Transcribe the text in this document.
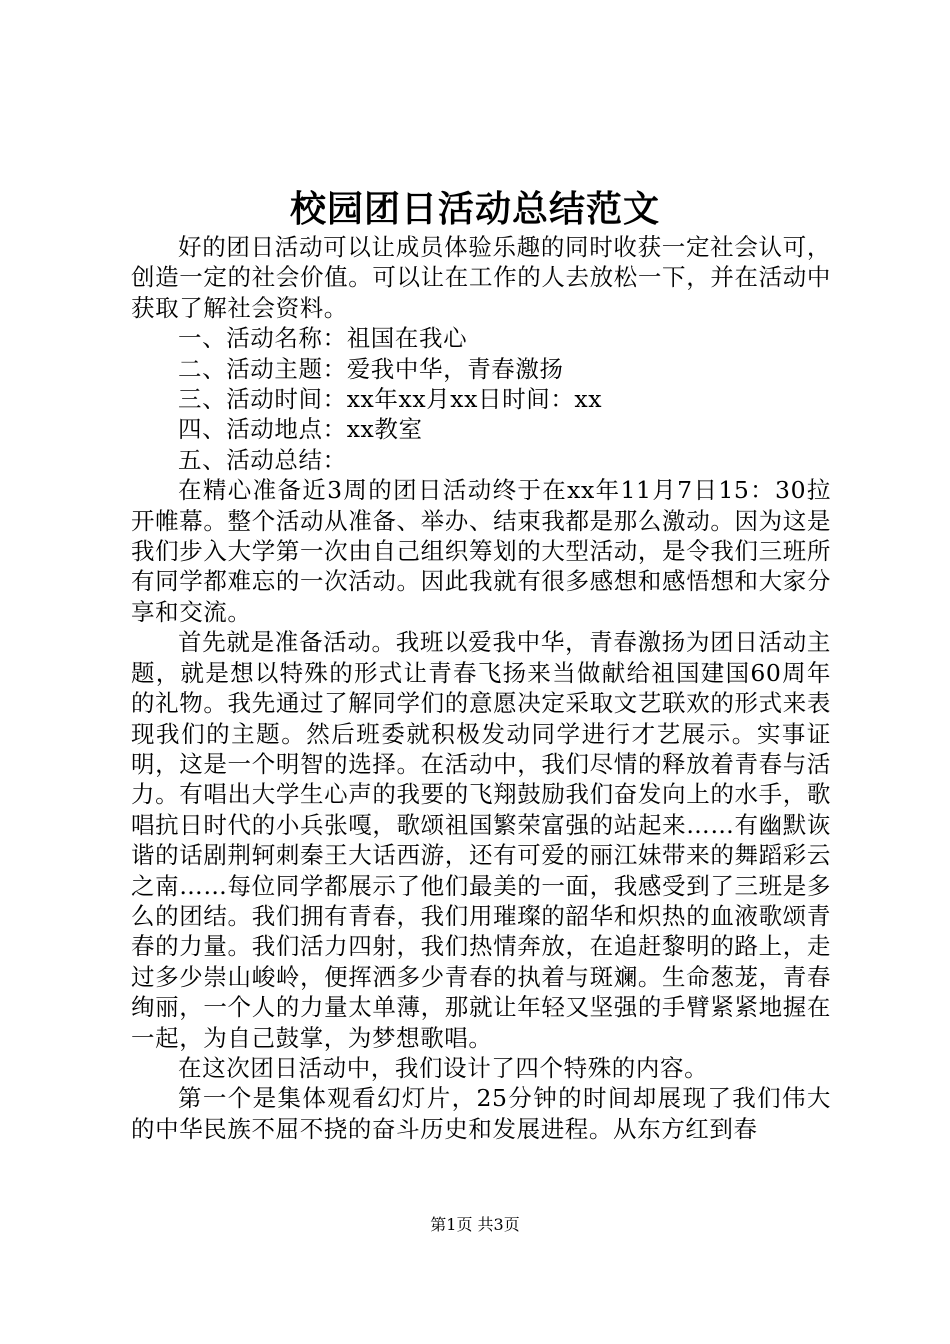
校园团日活动总结范文

好的团日活动可以让成员体验乐趣的同时收获一定社会认可，创造一定的社会价值。可以让在工作的人去放松一下，并在活动中获取了解社会资料。

一、活动名称：祖国在我心

二、活动主题：爱我中华，青春激扬

三、活动时间：xx年xx月xx日时间：xx

四、活动地点：xx教室

五、活动总结：

在精心准备近3周的团日活动终于在xx年11月7日15：30拉开帷幕。整个活动从准备、举办、结束我都是那么激动。因为这是我们步入大学第一次由自己组织筹划的大型活动，是令我们三班所有同学都难忘的一次活动。因此我就有很多感想和感悟想和大家分享和交流。

首先就是准备活动。我班以爱我中华，青春激扬为团日活动主题，就是想以特殊的形式让青春飞扬来当做献给祖国建国60周年的礼物。我先通过了解同学们的意愿决定采取文艺联欢的形式来表现我们的主题。然后班委就积极发动同学进行才艺展示。实事证明，这是一个明智的选择。在活动中，我们尽情的释放着青春与活力。有唱出大学生心声的我要的飞翔鼓励我们奋发向上的水手，歌唱抗日时代的小兵张嘎，歌颂祖国繁荣富强的站起来……有幽默诙谐的话剧荆轲刺秦王大话西游，还有可爱的丽江妹带来的舞蹈彩云之南……每位同学都展示了他们最美的一面，我感受到了三班是多么的团结。我们拥有青春，我们用璀璨的韶华和炽热的血液歌颂青春的力量。我们活力四射，我们热情奔放，在追赶黎明的路上，走过多少崇山峻岭，便挥洒多少青春的执着与斑斓。生命葱茏，青春绚丽，一个人的力量太单薄，那就让年轻又坚强的手臂紧紧地握在一起，为自己鼓掌，为梦想歌唱。

在这次团日活动中，我们设计了四个特殊的内容。

第一个是集体观看幻灯片，25分钟的时间却展现了我们伟大的中华民族不屈不挠的奋斗历史和发展进程。从东方红到春

第1页 共3页
